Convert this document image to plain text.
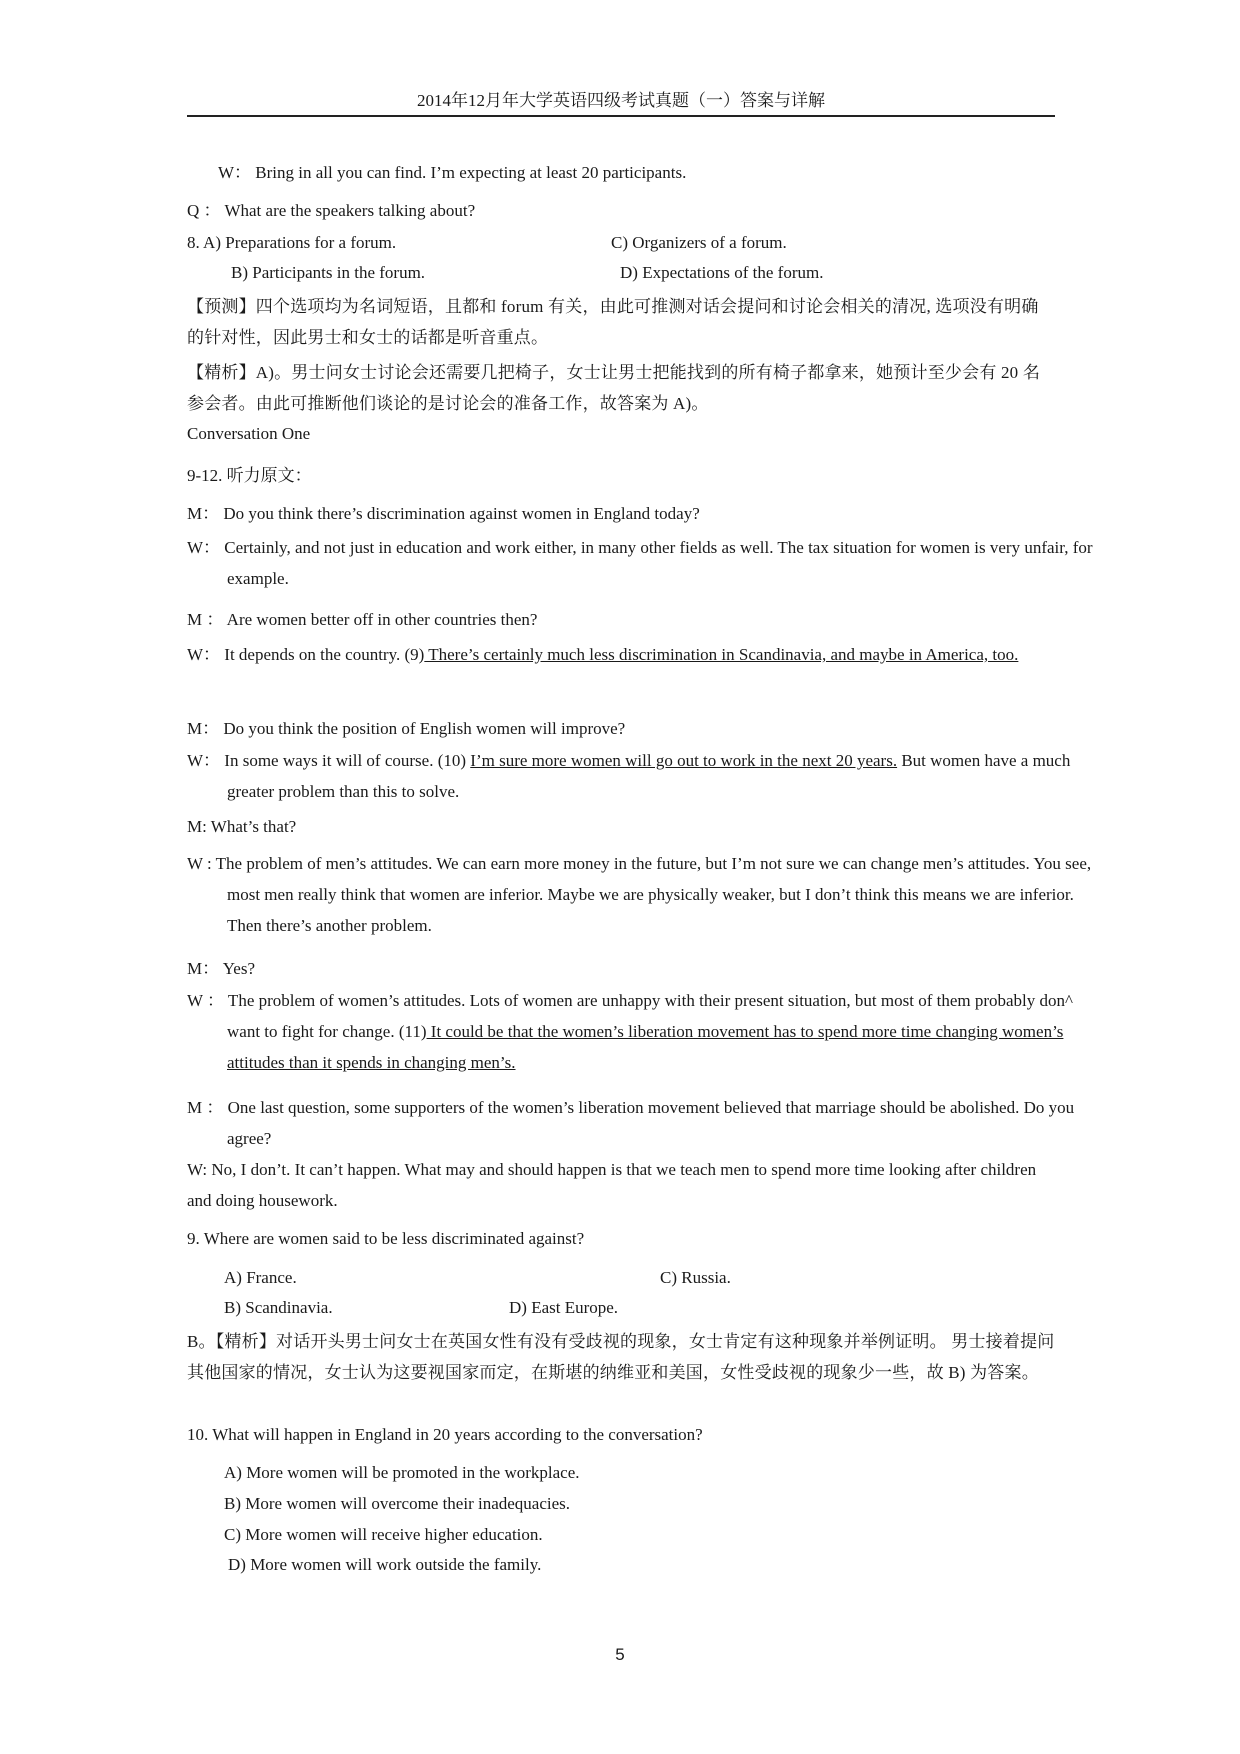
2014年12月年大学英语四级考试真题（一）答案与详解
W： Bring in all you can find. I’m expecting at least 20 participants.
Q ： What are the speakers talking about?
8. A) Preparations for a forum.	C) Organizers of a forum.
B) Participants in the forum.	D) Expectations of the forum.
【预测】四个选项均为名词短语，且都和 forum 有关，由此可推测对话会提问和讨论会相关的清况, 选项没有明确的针对性，因此男士和女士的话都是听音重点。
【精析】A)。男士问女士讨论会还需要几把椅子，女士让男士把能找到的所有椅子都拿来，她预计至少会有 20 名参会者。由此可推断他们谈论的是讨论会的准备工作，故答案为 A)。
Conversation One
9-12. 听力原文：
M： Do you think there’s discrimination against women in England today?
W： Certainly, and not just in education and work either, in many other fields as well. The tax situation for women is very unfair, for example.
M ： Are women better off in other countries then?
W： It depends on the country. (9) There’s certainly much less discrimination in Scandinavia, and maybe in America, too.
M： Do you think the position of English women will improve?
W： In some ways it will of course. (10) I’m sure more women will go out to work in the next 20 years. But women have a much greater problem than this to solve.
M: What’s that?
W : The problem of men’s attitudes. We can earn more money in the future, but I’m not sure we can change men’s attitudes. You see, most men really think that women are inferior. Maybe we are physically weaker, but I don’t think this means we are inferior. Then there’s another problem.
M： Yes?
W ： The problem of women’s attitudes. Lots of women are unhappy with their present situation, but most of them probably don^ want to fight for change. (11) It could be that the women’s liberation movement has to spend more time changing women’s attitudes than it spends in changing men’s.
M ： One last question, some supporters of the women’s liberation movement believed that marriage should be abolished. Do you agree?
W: No, I don’t. It can’t happen. What may and should happen is that we teach men to spend more time looking after children and doing housework.
9. Where are women said to be less discriminated against?
A) France.	C) Russia.
B) Scandinavia.	D) East Europe.
B。【精析】对话开头男士问女士在英国女性有没有受歧视的现象，女士肯定有这种现象并举例证明。 男士接着提问其他国家的情况，女士认为这要视国家而定，在斯堪的纳维亚和美国，女性受歧视的现象少一些，故 B) 为答案。
10. What will happen in England in 20 years according to the conversation?
A) More women will be promoted in the workplace.
B) More women will overcome their inadequacies.
C) More women will receive higher education.
D) More women will work outside the family.
5
